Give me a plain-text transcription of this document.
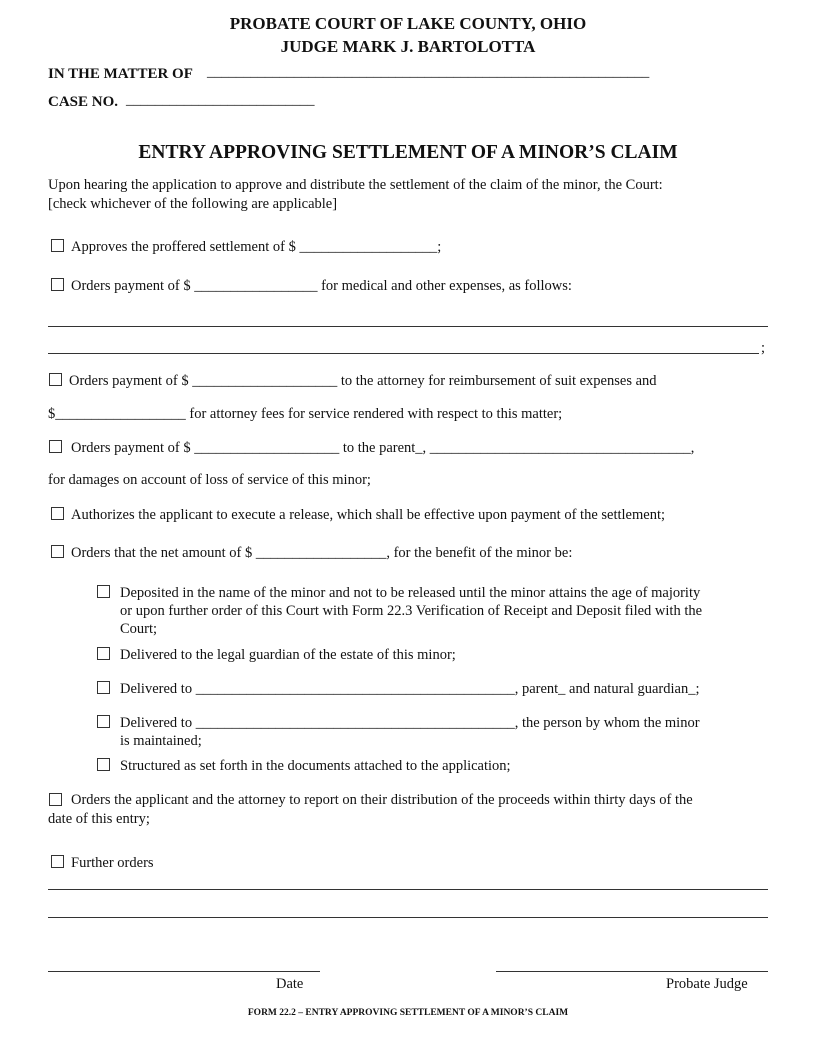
PROBATE COURT OF LAKE COUNTY, OHIO
JUDGE MARK J. BARTOLOTTA
IN THE MATTER OF _____________________________________________________________
CASE NO. __________________________
ENTRY APPROVING SETTLEMENT OF A MINOR’S CLAIM
Upon hearing the application to approve and distribute the settlement of the claim of the minor, the Court:
[check whichever of the following are applicable]
Approves the proffered settlement of $ ___________________;
Orders payment of $ _________________ for medical and other expenses, as follows:
;
Orders payment of $ ____________________ to the attorney for reimbursement of suit expenses and
$__________________ for attorney fees for service rendered with respect to this matter;
Orders payment of $ ____________________ to the parent_, ____________________________________,
for damages on account of loss of service of this minor;
Authorizes the applicant to execute a release, which shall be effective upon payment of the settlement;
Orders that the net amount of $ __________________, for the benefit of the minor be:
Deposited in the name of the minor and not to be released until the minor attains the age of majority
or upon further order of this Court with Form 22.3 Verification of Receipt and Deposit filed with the
Court;
Delivered to the legal guardian of the estate of this minor;
Delivered to ____________________________________________, parent_ and natural guardian_;
Delivered to ____________________________________________, the person by whom the minor
is maintained;
Structured as set forth in the documents attached to the application;
Orders the applicant and the attorney to report on their distribution of the proceeds within thirty days of the
date of this entry;
Further orders
Date	Probate Judge
FORM 22.2 – ENTRY APPROVING SETTLEMENT OF A MINOR’S CLAIM
